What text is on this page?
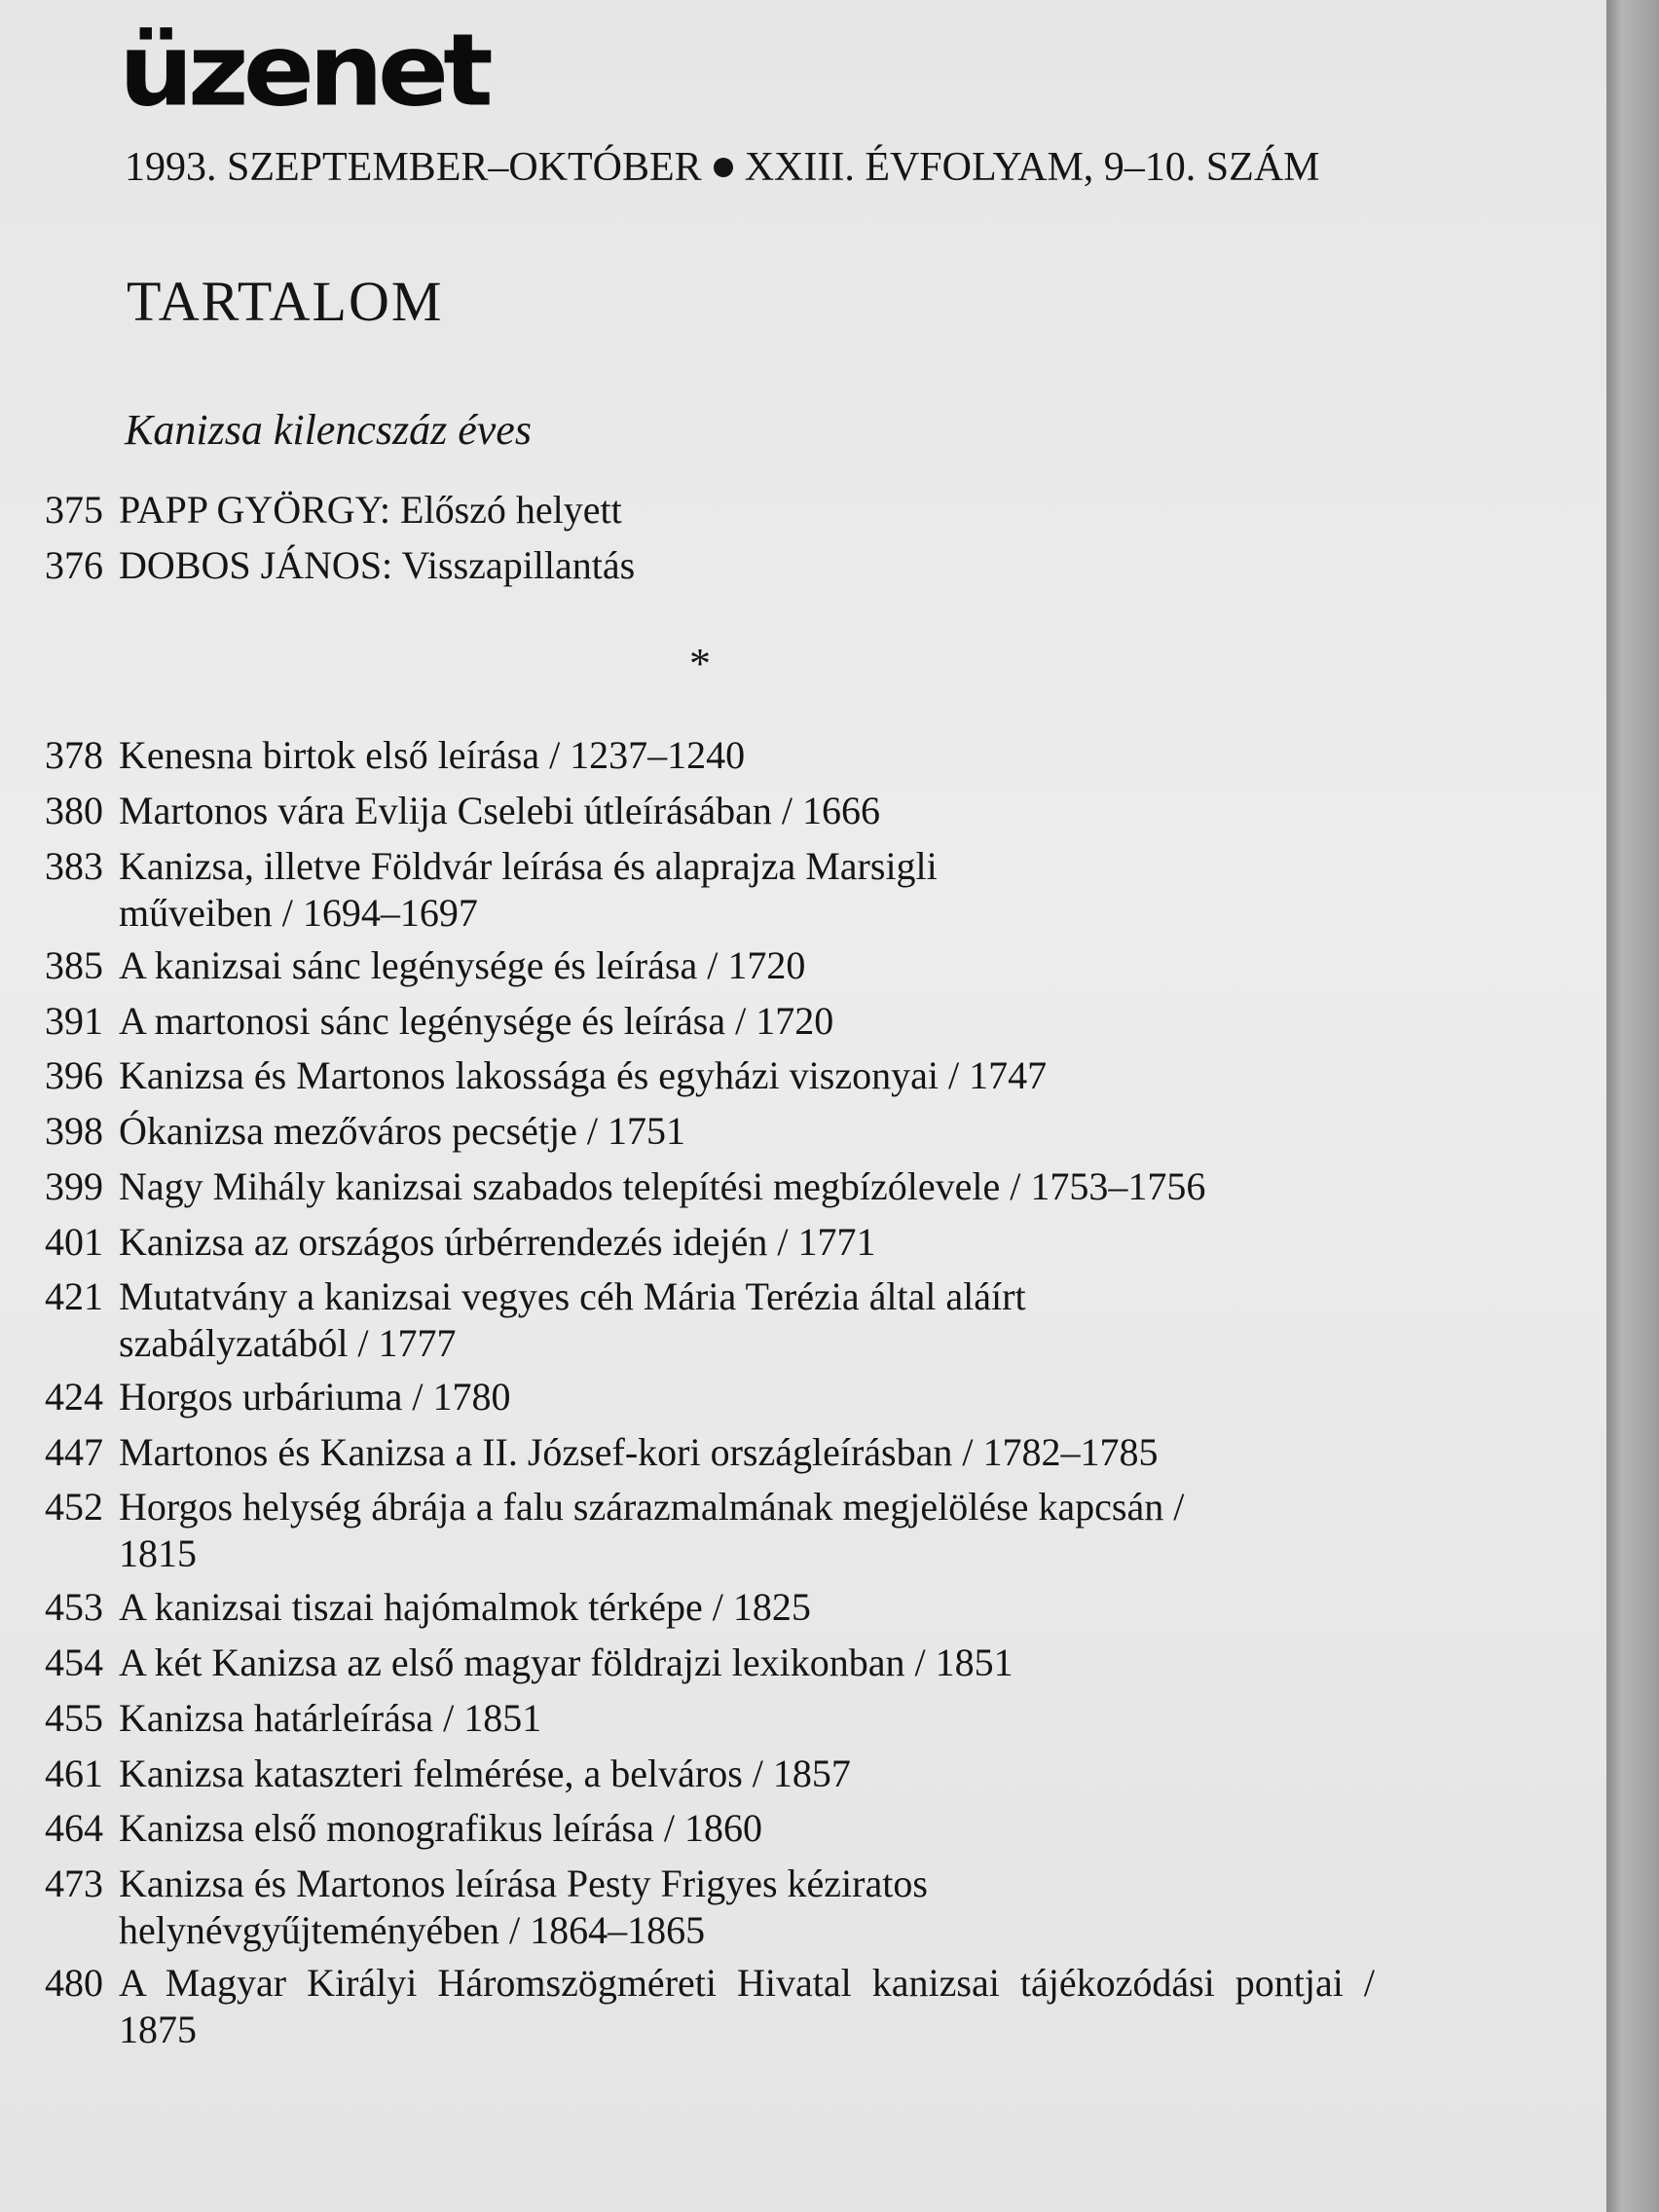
üzenet
1993. SZEPTEMBER–OKTÓBER XXIII. ÉVFOLYAM, 9–10. SZÁM
TARTALOM
Kanizsa kilencszáz éves
375 PAPP GYÖRGY: Előszó helyett
376 DOBOS JÁNOS: Visszapillantás
*
378 Kenesna birtok első leírása / 1237–1240
380 Martonos vára Evlija Cselebi útleírásában / 1666
383 Kanizsa, illetve Földvár leírása és alaprajza Marsigli műveiben / 1694–1697
385 A kanizsai sánc legénysége és leírása / 1720
391 A martonosi sánc legénysége és leírása / 1720
396 Kanizsa és Martonos lakossága és egyházi viszonyai / 1747
398 Ókanizsa mezőváros pecsétje / 1751
399 Nagy Mihály kanizsai szabados telepítési megbízólevele / 1753–1756
401 Kanizsa az országos úrbérrendezés idején / 1771
421 Mutatvány a kanizsai vegyes céh Mária Terézia által aláírt szabályzatából / 1777
424 Horgos urbáriuma / 1780
447 Martonos és Kanizsa a II. József-kori országleírásban / 1782–1785
452 Horgos helység ábrája a falu szárazmalmának megjelölése kapcsán / 1815
453 A kanizsai tiszai hajómalmok térképe / 1825
454 A két Kanizsa az első magyar földrajzi lexikonban / 1851
455 Kanizsa határleírása / 1851
461 Kanizsa kataszteri felmérése, a belváros / 1857
464 Kanizsa első monografikus leírása / 1860
473 Kanizsa és Martonos leírása Pesty Frigyes kéziratos helynévgyűjteményében / 1864–1865
480 A Magyar Királyi Háromszögméreti Hivatal kanizsai tájékozódási pontjai / 1875
